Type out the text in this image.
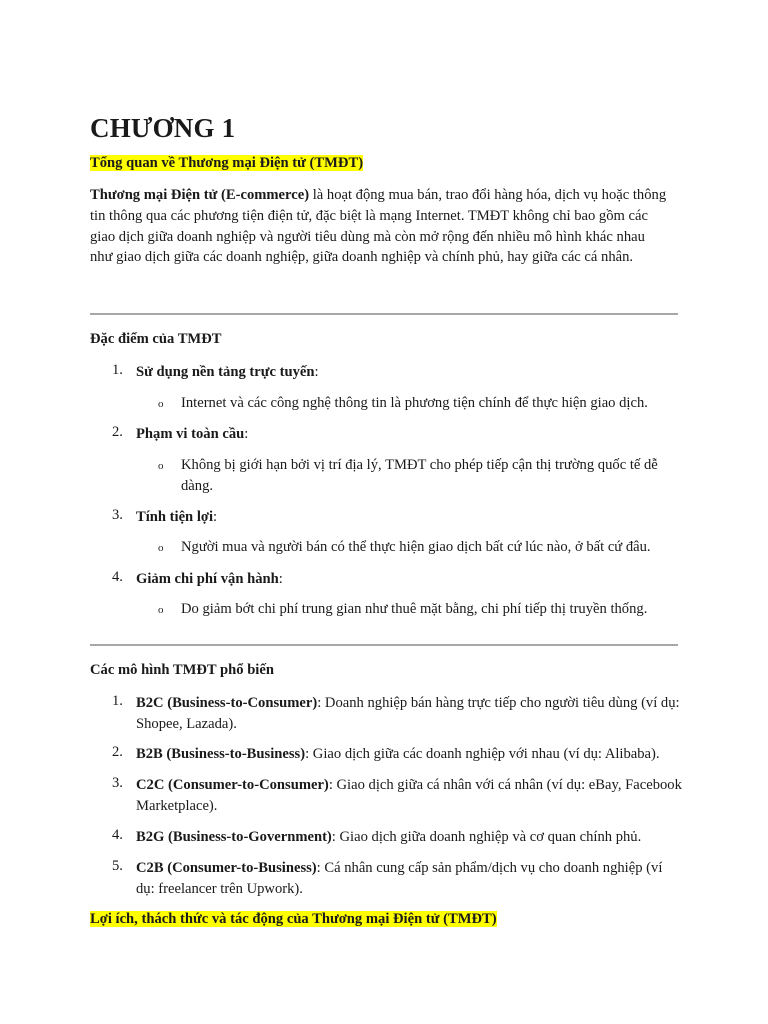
CHƯƠNG 1
Tổng quan về Thương mại Điện tử (TMĐT)

Thương mại Điện tử (E-commerce) là hoạt động mua bán, trao đổi hàng hóa, dịch vụ hoặc thông tin thông qua các phương tiện điện tử, đặc biệt là mạng Internet. TMĐT không chỉ bao gồm các giao dịch giữa doanh nghiệp và người tiêu dùng mà còn mở rộng đến nhiều mô hình khác nhau như giao dịch giữa các doanh nghiệp, giữa doanh nghiệp và chính phủ, hay giữa các cá nhân.

Đặc điểm của TMĐT
1. Sử dụng nền tảng trực tuyến:
o Internet và các công nghệ thông tin là phương tiện chính để thực hiện giao dịch.
2. Phạm vi toàn cầu:
o Không bị giới hạn bởi vị trí địa lý, TMĐT cho phép tiếp cận thị trường quốc tế dễ dàng.
3. Tính tiện lợi:
o Người mua và người bán có thể thực hiện giao dịch bất cứ lúc nào, ở bất cứ đâu.
4. Giảm chi phí vận hành:
o Do giảm bớt chi phí trung gian như thuê mặt bằng, chi phí tiếp thị truyền thống.
Các mô hình TMĐT phổ biến
1. B2C (Business-to-Consumer): Doanh nghiệp bán hàng trực tiếp cho người tiêu dùng (ví dụ: Shopee, Lazada).
2. B2B (Business-to-Business): Giao dịch giữa các doanh nghiệp với nhau (ví dụ: Alibaba).
3. C2C (Consumer-to-Consumer): Giao dịch giữa cá nhân với cá nhân (ví dụ: eBay, Facebook Marketplace).
4. B2G (Business-to-Government): Giao dịch giữa doanh nghiệp và cơ quan chính phủ.
5. C2B (Consumer-to-Business): Cá nhân cung cấp sản phẩm/dịch vụ cho doanh nghiệp (ví dụ: freelancer trên Upwork).
Lợi ích, thách thức và tác động của Thương mại Điện tử (TMĐT)
